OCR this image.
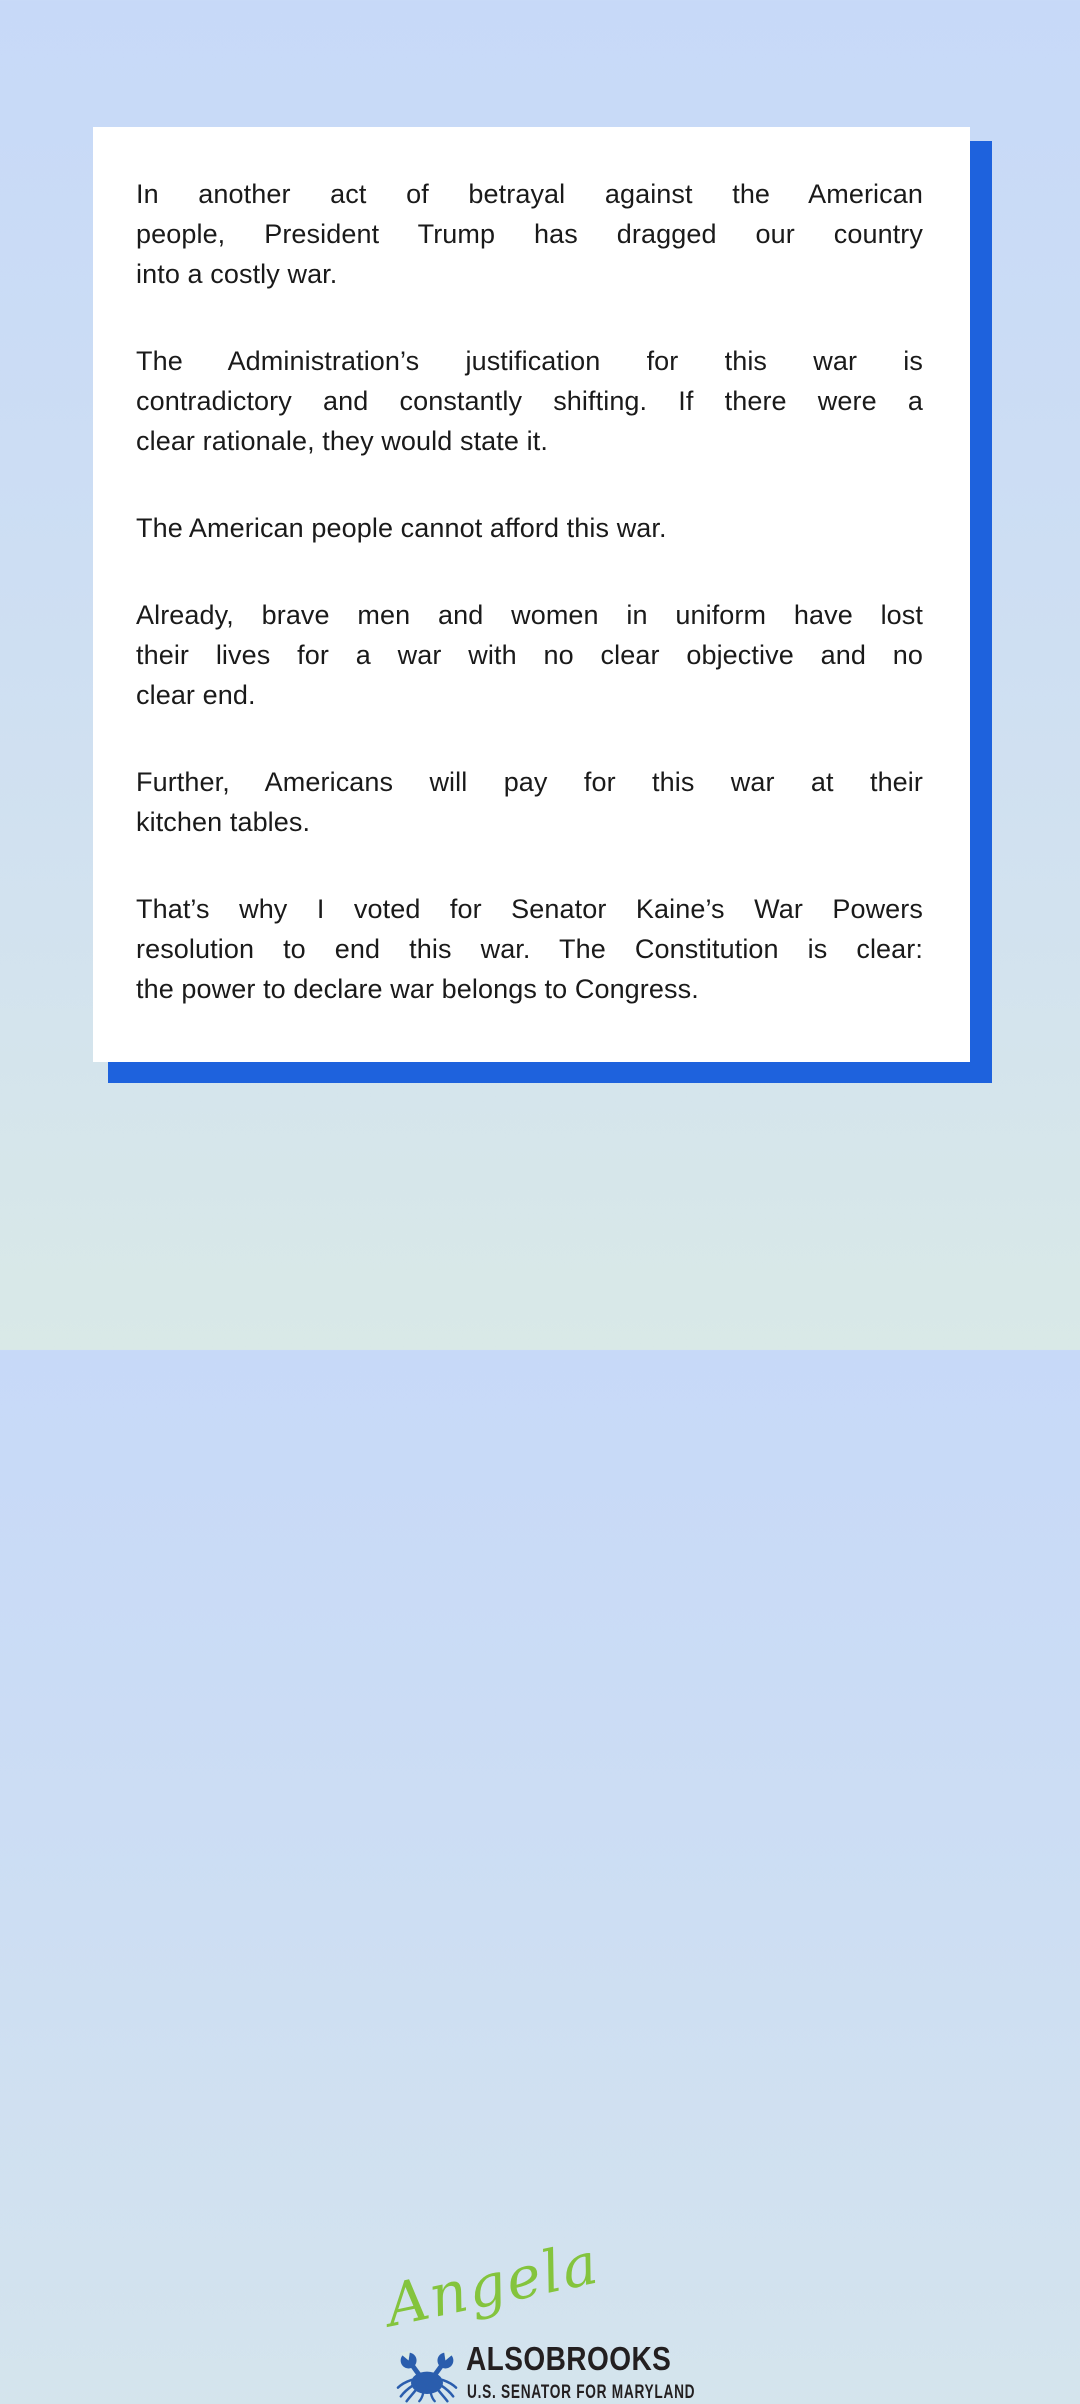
In another act of betrayal against the American
people, President Trump has dragged our country
into a costly war.
The Administration’s justification for this war is
contradictory and constantly shifting. If there were a
clear rationale, they would state it.
The American people cannot afford this war.
Already, brave men and women in uniform have lost
their lives for a war with no clear objective and no
clear end.
Further, Americans will pay for this war at their
kitchen tables.
That’s why I voted for Senator Kaine’s War Powers
resolution to end this war. The Constitution is clear:
the power to declare war belongs to Congress.
Angela
ALSOBROOKS
U.S. SENATOR FOR MARYLAND
